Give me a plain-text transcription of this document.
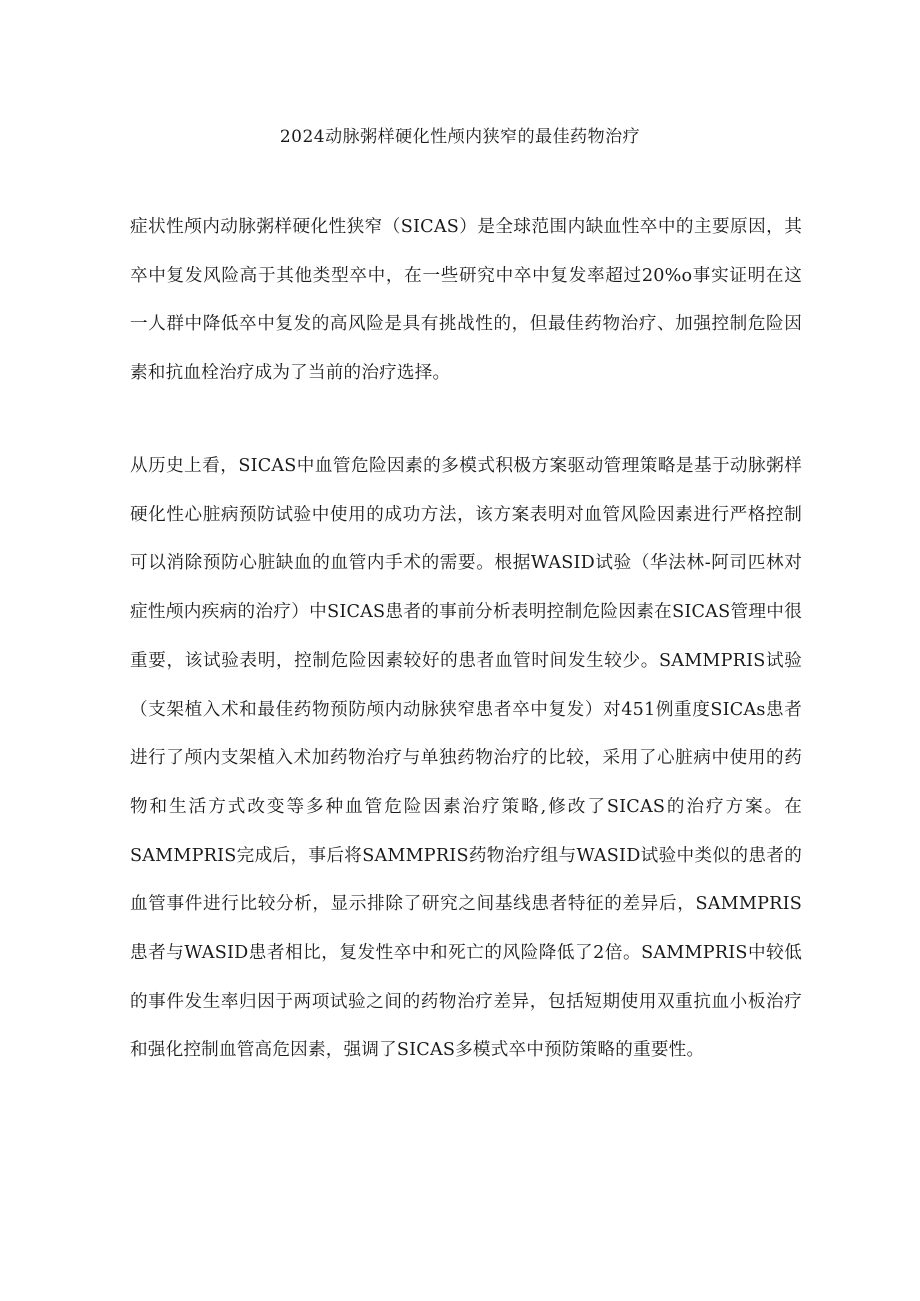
2024动脉粥样硬化性颅内狭窄的最佳药物治疗

症状性颅内动脉粥样硬化性狭窄（SICAS）是全球范围内缺血性卒中的主要原因，其卒中复发风险高于其他类型卒中，在一些研究中卒中复发率超过20%o事实证明在这一人群中降低卒中复发的高风险是具有挑战性的，但最佳药物治疗、加强控制危险因素和抗血栓治疗成为了当前的治疗选择。

从历史上看，SICAS中血管危险因素的多模式积极方案驱动管理策略是基于动脉粥样硬化性心脏病预防试验中使用的成功方法，该方案表明对血管风险因素进行严格控制可以消除预防心脏缺血的血管内手术的需要。根据WASID试验（华法林-阿司匹林对症性颅内疾病的治疗）中SICAS患者的事前分析表明控制危险因素在SICAS管理中很重要，该试验表明，控制危险因素较好的患者血管时间发生较少。SAMMPRIS试验（支架植入术和最佳药物预防颅内动脉狭窄患者卒中复发）对451例重度SICAs患者进行了颅内支架植入术加药物治疗与单独药物治疗的比较，采用了心脏病中使用的药物和生活方式改变等多种血管危险因素治疗策略,修改了SICAS的治疗方案。在SAMMPRIS完成后，事后将SAMMPRIS药物治疗组与WASID试验中类似的患者的血管事件进行比较分析，显示排除了研究之间基线患者特征的差异后，SAMMPRIS患者与WASID患者相比，复发性卒中和死亡的风险降低了2倍。SAMMPRIS中较低的事件发生率归因于两项试验之间的药物治疗差异，包括短期使用双重抗血小板治疗和强化控制血管高危因素，强调了SICAS多模式卒中预防策略的重要性。
